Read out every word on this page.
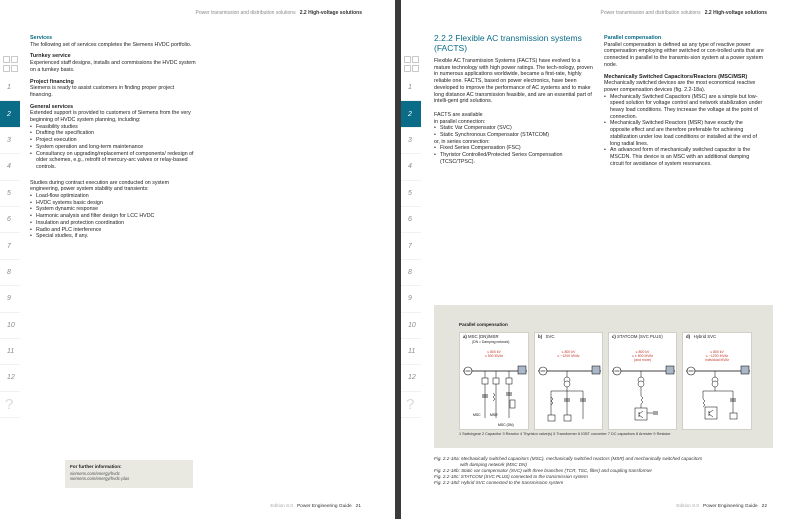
Power transmission and distribution solutions 2.2 High-voltage solutions
1
2
3
4
5
6
7
8
9
10
11
12
?
Services
The following set of services completes the Siemens HVDC portfolio.
Turnkey service
Experienced staff designs, installs and commissions the HVDC system on a turnkey basis.
Project financing
Siemens is ready to assist customers in finding proper project financing.
General services
Extended support is provided to customers of Siemens from the very beginning of HVDC system planning, including:
• Feasibility studies
• Drafting the specification
• Project execution
• System operation and long-term maintenance
• Consultancy on upgrading/replacement of components/ redesign of older schemes, e.g., retrofit of mercury-arc valves or relay-based controls.
Studies during contract execution are conducted on system engineering, power system stability and transients:
• Load-flow optimization
• HVDC systems basic design
• System dynamic response
• Harmonic analysis and filter design for LCC HVDC
• Insulation and protection coordination
• Radio and PLC interference
• Special studies, if any.
For further information:
siemens.com/energy/hvdc
siemens.com/energy/hvdc-plus
Edition 8.0 Power Engineering Guide 21
Power transmission and distribution solutions 2.2 High-voltage solutions
1
2
3
4
5
6
7
8
9
10
11
12
?
2.2.2 Flexible AC transmission systems (FACTS)
Flexible AC Transmission Systems (FACTS) have evolved to a mature technology with high power ratings. The tech-nology, proven in numerous applications worldwide, became a first-rate, highly reliable one. FACTS, based on power electronics, have been developed to improve the performance of AC systems and to make long distance AC transmission feasible, and are an essential part of intelli-gent grid solutions.
FACTS are available
in parallel connection:
• Static Var Compensator (SVC)
• Static Synchronous Compensator (STATCOM)
or, in series connection:
• Fixed Series Compensation (FSC)
• Thyristor Controlled/Protected Series Compensation (TCSC/TPSC).
Parallel compensation
Parallel compensation is defined as any type of reactive power compensation employing either switched or con-trolled units that are connected in parallel to the transmis-sion system at a power system node.
Mechanically Switched Capacitors/Reactors (MSC/MSR)
Mechanically switched devices are the most economical reactive power compensation devices (fig. 2.2-18a).
• Mechanically Switched Capacitors (MSC) are a simple but low-speed solution for voltage control and network stabilization under heavy load conditions. They increase the voltage at the point of connection.
• Mechanically Switched Reactors (MSR) have exactly the opposite effect and are therefore preferable for achieving stabilization under low load conditions or installed at the end of long radial lines.
• An advanced form of mechanically switched capacitor is the MSCDN. This device is an MSC with an additional damping circuit for avoidance of system resonances.
Parallel compensation
a) MSC (DN)/MSR
(DN = Damping network)
≤ 800 kV
≤ 500 MVAr
MSC	MSR
MSC (DN)
b) SVC
≤ 800 kV
≤ −1200 MVAr
c) STATCOM (SVC PLUS)
≤ 800 kV
≤ ± 500 MVAr
(and more)
d) Hybrid SVC
≤ 800 kV
≤ −1200 MVAr
individual MVAr
1 Switchgear 2 Capacitor 3 Reactor 4 Thyristor valve(s) 5 Transformer 6 IGBT converter 7 DC capacitors 8 Arrester 9 Resistor
Fig. 2.2-18a: Mechanically switched capacitors (MSC), mechanically switched reactors (MSR) and mechanically switched capacitors
with damping network (MSC DN)
Fig. 2.2-18b: Static var compensator (SVC) with three branches (TCR, TSC, filter) and coupling transformer
Fig. 2.2-18c: STATCOM (SVC PLUS) connected to the transmission system
Fig. 2.2-18d: Hybrid SVC connected to the transmission system
Edition 8.0 Power Engineering Guide 22
